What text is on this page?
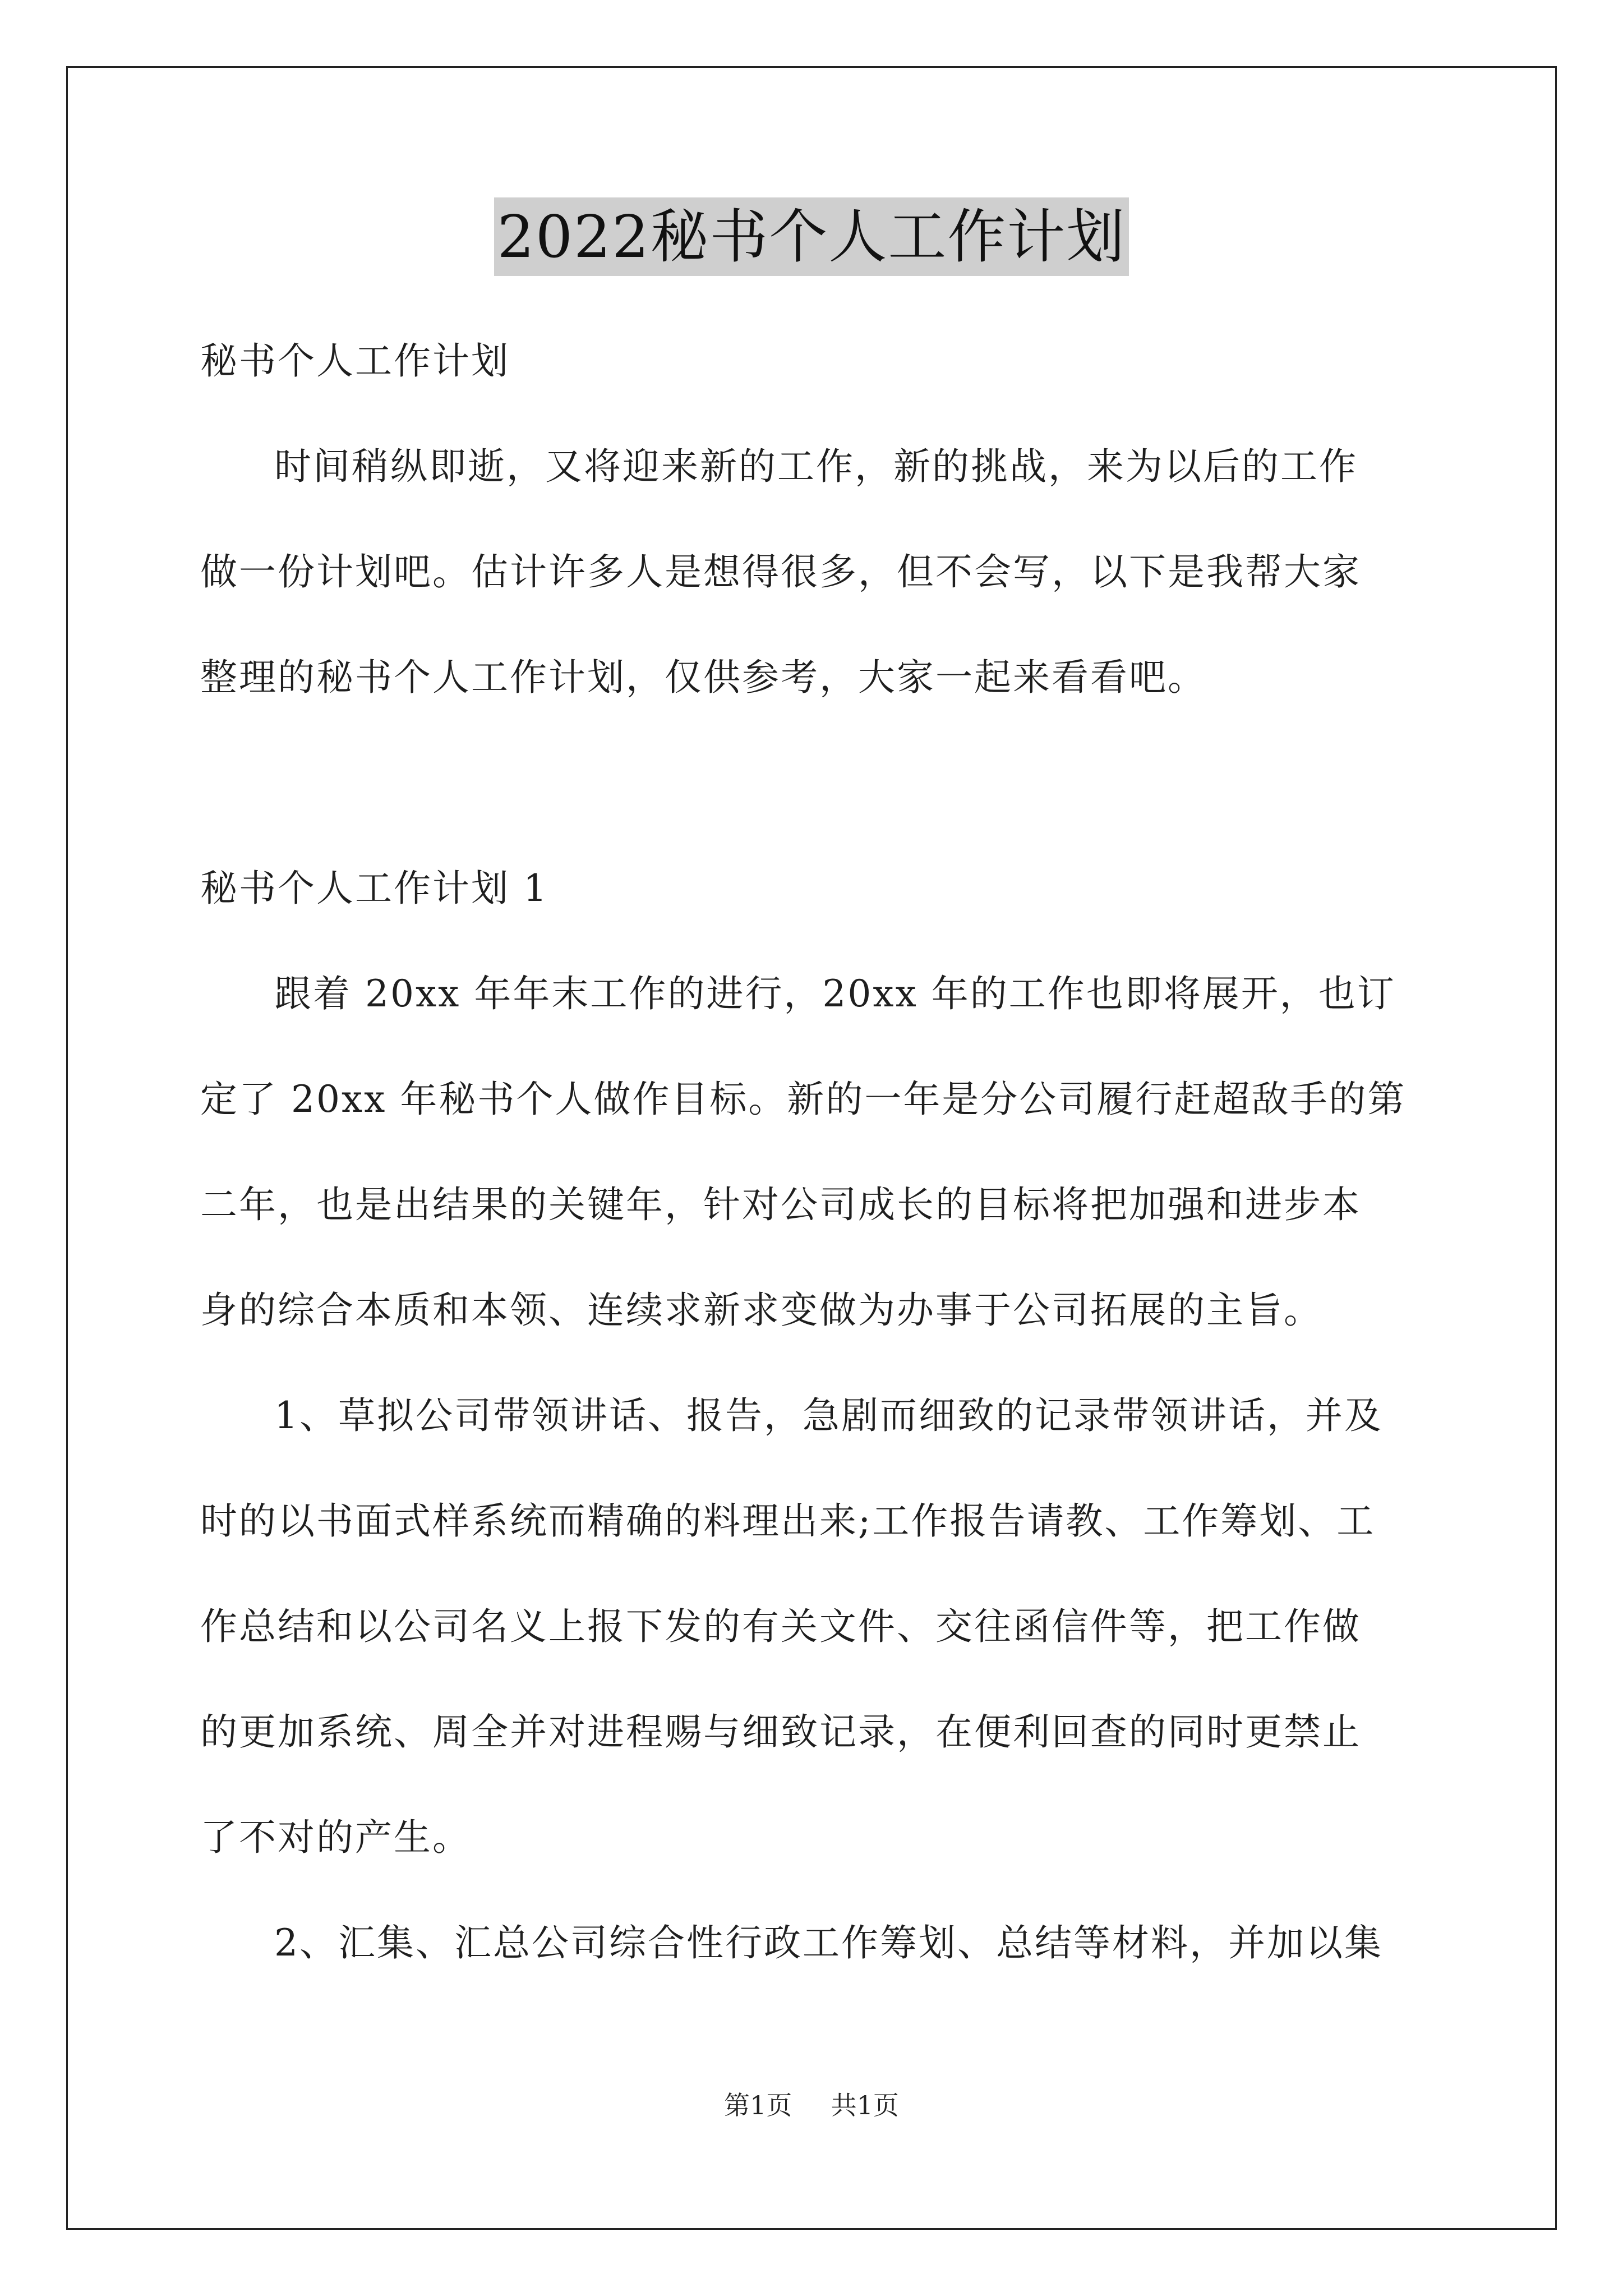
2022秘书个人工作计划
秘书个人工作计划
时间稍纵即逝，又将迎来新的工作，新的挑战，来为以后的工作
做一份计划吧。估计许多人是想得很多，但不会写，以下是我帮大家
整理的秘书个人工作计划，仅供参考，大家一起来看看吧。
秘书个人工作计划 1
跟着 20xx 年年末工作的进行，20xx 年的工作也即将展开，也订
定了 20xx 年秘书个人做作目标。新的一年是分公司履行赶超敌手的第
二年，也是出结果的关键年，针对公司成长的目标将把加强和进步本
身的综合本质和本领、连续求新求变做为办事于公司拓展的主旨。
1、草拟公司带领讲话、报告，急剧而细致的记录带领讲话，并及
时的以书面式样系统而精确的料理出来;工作报告请教、工作筹划、工
作总结和以公司名义上报下发的有关文件、交往函信件等，把工作做
的更加系统、周全并对进程赐与细致记录，在便利回查的同时更禁止
了不对的产生。
2、汇集、汇总公司综合性行政工作筹划、总结等材料，并加以集
第1页 共1页
